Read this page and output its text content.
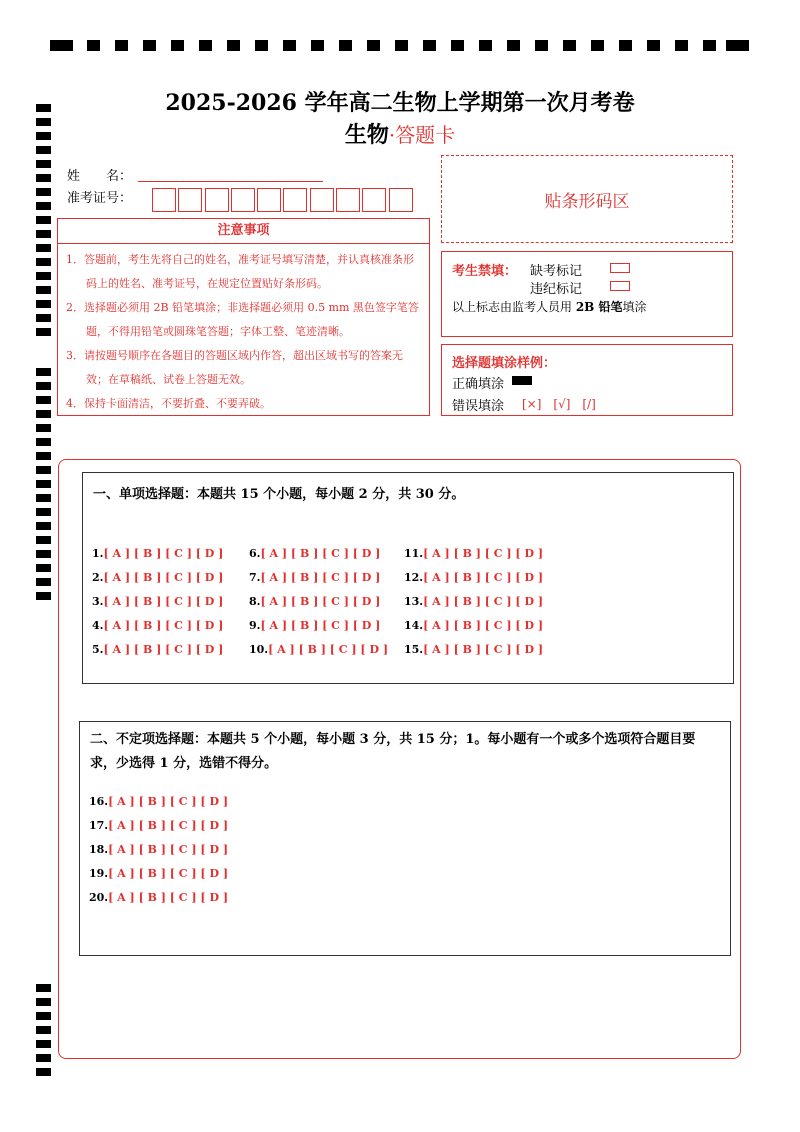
2025-2026 学年高二生物上学期第一次月考卷
生物·答题卡
姓　　名：
准考证号：	贴条形码区
注意事项
1．答题前，考生先将自己的姓名，准考证号填写清楚，并认真核准条形码上的姓名、准考证号，在规定位置贴好条形码。
2．选择题必须用 2B 铅笔填涂；非选择题必须用 0.5 mm 黑色签字笔答题，不得用铅笔或圆珠笔答题；字体工整、笔迹清晰。
3．请按题号顺序在各题目的答题区域内作答，超出区域书写的答案无效；在草稿纸、试卷上答题无效。
4．保持卡面清洁，不要折叠、不要弄破。
考生禁填： 缺考标记
违纪标记
以上标志由监考人员用 2B 铅笔填涂
选择题填涂样例：
正确填涂
错误填涂 [×]　[√]　[/]
一、单项选择题：本题共 15 个小题，每小题 2 分，共 30 分。
1.[ A ] [ B ] [ C ] [ D ]
2.[ A ] [ B ] [ C ] [ D ]
3.[ A ] [ B ] [ C ] [ D ]
4.[ A ] [ B ] [ C ] [ D ]
5.[ A ] [ B ] [ C ] [ D ]
6.[ A ] [ B ] [ C ] [ D ]
7.[ A ] [ B ] [ C ] [ D ]
8.[ A ] [ B ] [ C ] [ D ]
9.[ A ] [ B ] [ C ] [ D ]
10.[ A ] [ B ] [ C ] [ D ]
11.[ A ] [ B ] [ C ] [ D ]
12.[ A ] [ B ] [ C ] [ D ]
13.[ A ] [ B ] [ C ] [ D ]
14.[ A ] [ B ] [ C ] [ D ]
15.[ A ] [ B ] [ C ] [ D ]
二、不定项选择题：本题共 5 个小题，每小题 3 分，共 15 分；1。每小题有一个或多个选项符合题目要
求，少选得 1 分，选错不得分。
16.[ A ] [ B ] [ C ] [ D ]
17.[ A ] [ B ] [ C ] [ D ]
18.[ A ] [ B ] [ C ] [ D ]
19.[ A ] [ B ] [ C ] [ D ]
20.[ A ] [ B ] [ C ] [ D ]
